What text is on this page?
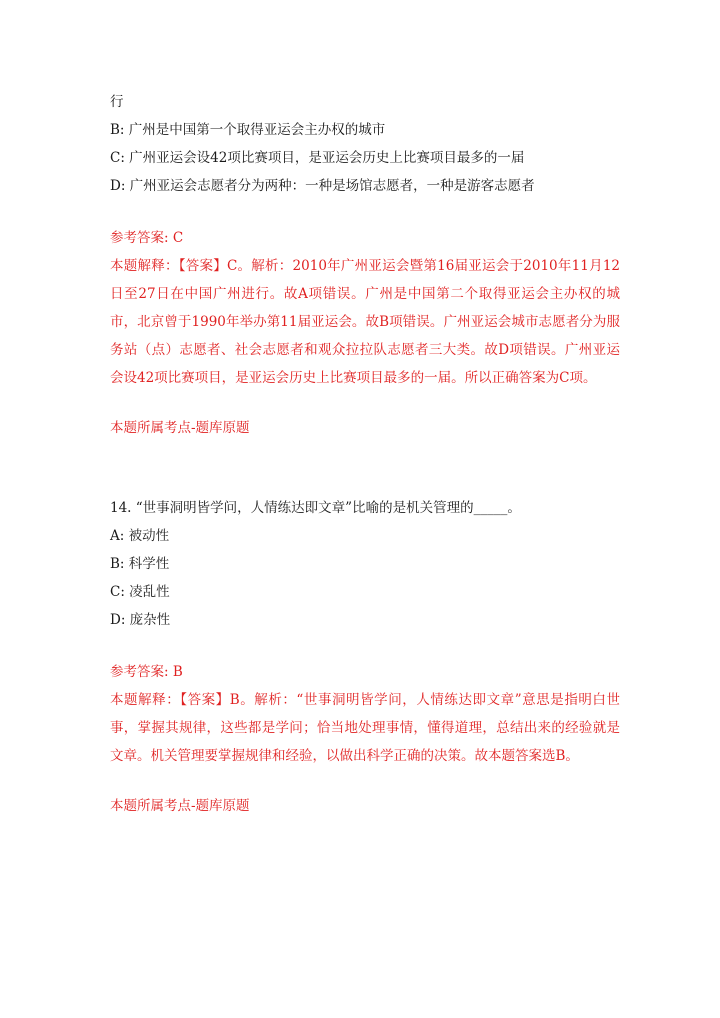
行
B: 广州是中国第一个取得亚运会主办权的城市
C: 广州亚运会设42项比赛项目，是亚运会历史上比赛项目最多的一届
D: 广州亚运会志愿者分为两种：一种是场馆志愿者，一种是游客志愿者
参考答案: C
本题解释：【答案】C。解析：2010年广州亚运会暨第16届亚运会于2010年11月12日至27日在中国广州进行。故A项错误。广州是中国第二个取得亚运会主办权的城市，北京曾于1990年举办第11届亚运会。故B项错误。广州亚运会城市志愿者分为服务站（点）志愿者、社会志愿者和观众拉拉队志愿者三大类。故D项错误。广州亚运会设42项比赛项目，是亚运会历史上比赛项目最多的一届。所以正确答案为C项。
本题所属考点-题库原题
14. “世事洞明皆学问，人情练达即文章”比喻的是机关管理的_____。
A: 被动性
B: 科学性
C: 凌乱性
D: 庞杂性
参考答案: B
本题解释：【答案】B。解析：“世事洞明皆学问，人情练达即文章”意思是指明白世事，掌握其规律，这些都是学问；恰当地处理事情，懂得道理，总结出来的经验就是文章。机关管理要掌握规律和经验，以做出科学正确的决策。故本题答案选B。
本题所属考点-题库原题
